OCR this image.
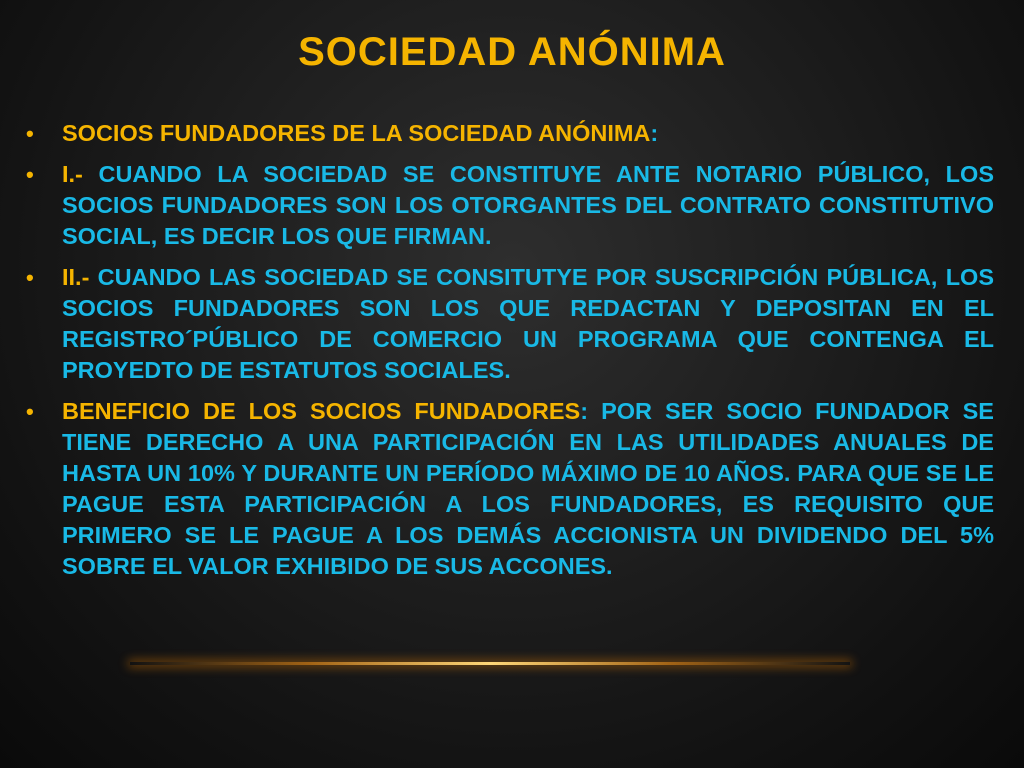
SOCIEDAD ANÓNIMA
• SOCIOS FUNDADORES DE LA SOCIEDAD ANÓNIMA:
• I.- CUANDO LA SOCIEDAD SE CONSTITUYE ANTE NOTARIO PÚBLICO, LOS SOCIOS FUNDADORES SON LOS OTORGANTES DEL CONTRATO CONSTITUTIVO SOCIAL, ES DECIR LOS QUE FIRMAN.
• II.- CUANDO LAS SOCIEDAD SE CONSITUTYE POR SUSCRIPCIÓN PÚBLICA, LOS SOCIOS FUNDADORES SON LOS QUE REDACTAN Y DEPOSITAN EN EL REGISTRO´PÚBLICO DE COMERCIO UN PROGRAMA QUE CONTENGA EL PROYEDTO DE ESTATUTOS SOCIALES.
• BENEFICIO DE LOS SOCIOS FUNDADORES: POR SER SOCIO FUNDADOR SE TIENE DERECHO A UNA PARTICIPACIÓN EN LAS UTILIDADES ANUALES DE HASTA UN 10% Y DURANTE UN PERÍODO MÁXIMO DE 10 AÑOS. PARA QUE SE LE PAGUE ESTA PARTICIPACIÓN A LOS FUNDADORES, ES REQUISITO QUE PRIMERO SE LE PAGUE A LOS DEMÁS ACCIONISTA UN DIVIDENDO DEL 5% SOBRE EL VALOR EXHIBIDO DE SUS ACCONES.
